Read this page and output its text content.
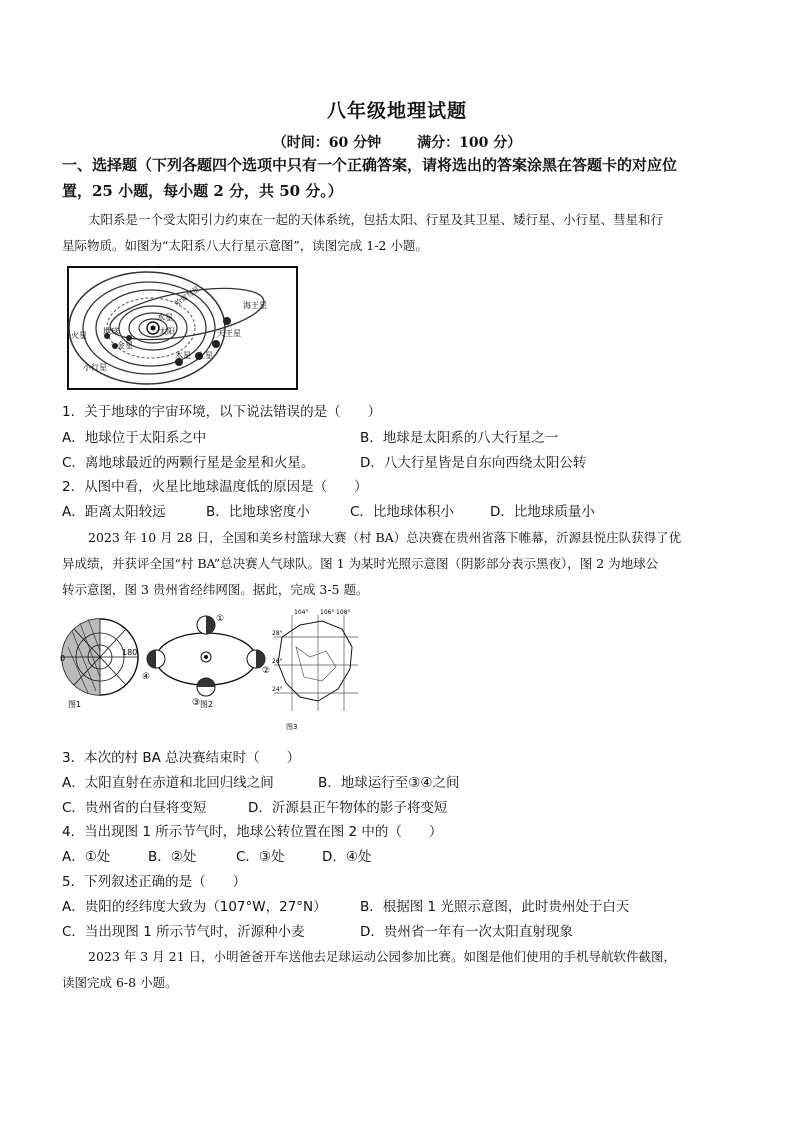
八年级地理试题
（时间：60 分钟	满分：100 分）
一、选择题（下列各题四个选项中只有一个正确答案，请将选出的答案涂黑在答题卡的对应位
置，25 小题，每小题 2 分，共 50 分。）
太阳系是一个受太阳引力约束在一起的天体系统，包括太阳、行星及其卫星、矮行星、小行星、彗星和行
星际物质。如图为“太阳系八大行星示意图”，读图完成 1-2 小题。
海王星
天王星
土星
木星
小行星
火星 地球
金星
水星
太阳
哈雷彗星
1．关于地球的宇宙环境，以下说法错误的是（　　）
A．地球位于太阳系之中	B．地球是太阳系的八大行星之一
C．离地球最近的两颗行星是金星和火星。	D．八大行星皆是自东向西绕太阳公转
2．从图中看，火星比地球温度低的原因是（　　）
A．距离太阳较远	B．比地球密度小	C．比地球体积小	D．比地球质量小
2023 年 10 月 28 日，全国和美乡村篮球大赛（村 BA）总决赛在贵州省落下帷幕，沂源县悦庄队获得了优
异成绩，并获评全国“村 BA”总决赛人气球队。图 1 为某时光照示意图（阴影部分表示黑夜），图 2 为地球公
转示意图，图 3 贵州省经纬网图。据此，完成 3-5 题。
0
180
图1
④
②
①
③ 图2
104° 106° 108°
28°
26°
24°
图3
3．本次的村 BA 总决赛结束时（　　）
A．太阳直射在赤道和北回归线之间	B．地球运行至③④之间
C．贵州省的白昼将变短	D．沂源县正午物体的影子将变短
4．当出现图 1 所示节气时，地球公转位置在图 2 中的（　　）
A．①处	B．②处	C．③处	D．④处
5．下列叙述正确的是（　　）
A．贵阳的经纬度大致为（107°W，27°N） B．根据图 1 光照示意图，此时贵州处于白天
C．当出现图 1 所示节气时，沂源种小麦	D．贵州省一年有一次太阳直射现象
2023 年 3 月 21 日，小明爸爸开车送他去足球运动公园参加比赛。如图是他们使用的手机导航软件截图，
读图完成 6-8 小题。
